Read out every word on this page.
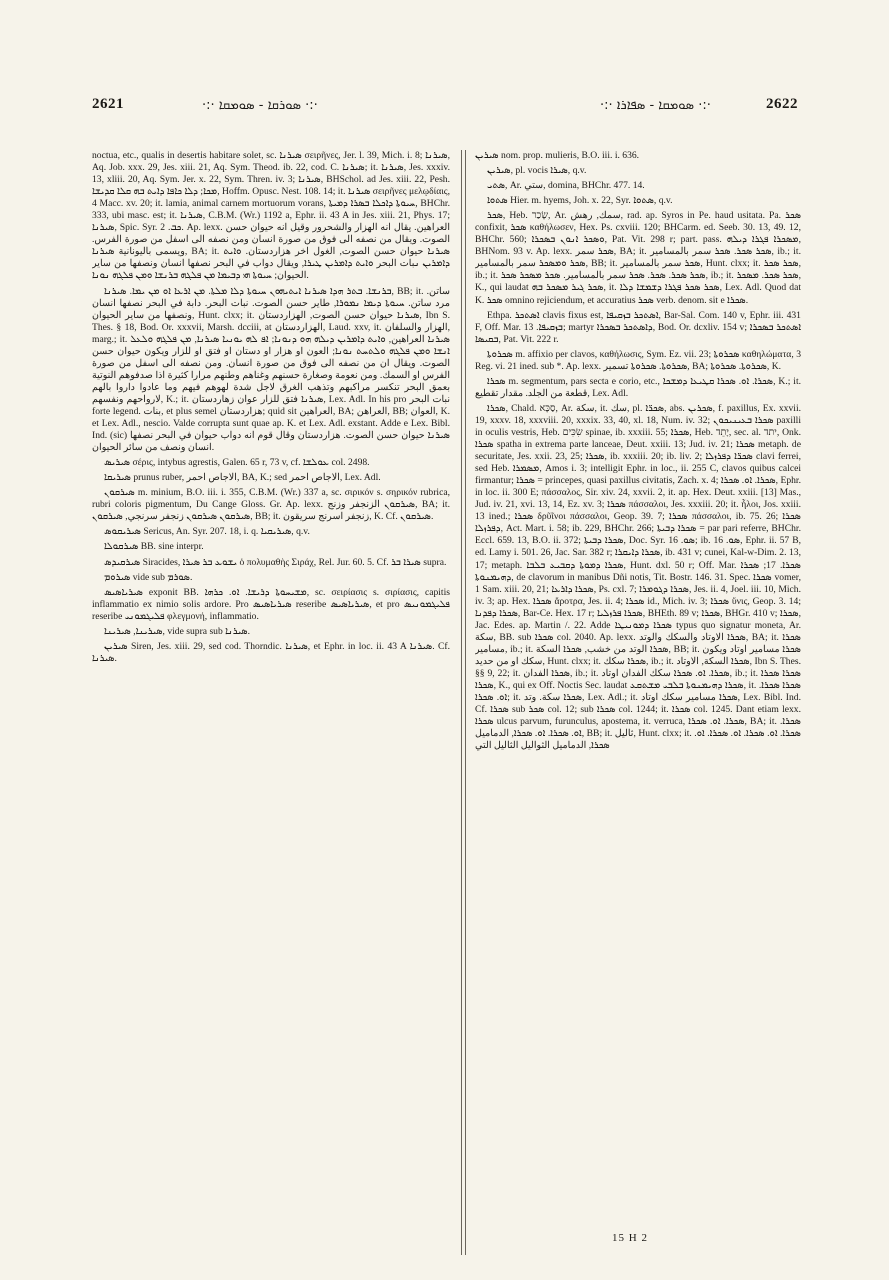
2621	·:· ܣܘܪܩܐ - ܣܘܡܩܐ ·:·	·:· ܣܘܡܩܐ - ܣܦܐܪܐ ·:·	2622

noctua, etc., qualis in desertis habitare solet, sc. ܣܝܪܢܐ σειρῆνες, Jer. l. 39, Mich. i. 8; ܣܝܪܢܐ, Aq. Job. xxx. 29, Jes. xiii. 21, Aq. Sym. Theod. ib. 22, cod. C. ܣܝܪܢܐ; it. ܣܝܪܢܐ, Jes. xxxiv. 13, xliii. 20, Aq. Sym. Jer. x. 22, Sym. Thren. iv. 3; ܣܝܪܢܐ, BHSchol. ad Jes. xiii. 22, Pesh. ܡܟܐ; ܕܠܐ ܟܐܦܐ ܕܐܝܬ ܒܗ ܩܠܐ ܩܕܝܫܐ, Hoffm. Opusc. Nest. 108. 14; it. ܣܝܪܢܐ σειρῆνες μελῳδίαις, 4 Macc. xv. 20; it. lamia, animal carnem mortuorum vorans, ܚܝܘܬܐ ܕܐܟܠܐ ܒܣܪܐ ܕܡܝܬܐ, BHChr. 333, ubi masc. est; it. ܣܝܪܢܐ, C.B.M. (Wr.) 1192 a, Ephr. ii. 43 A in Jes. xiii. 21, Phys. 17; ܣܝܪܢܐ, Spic. Syr. ܟܒ. 2. Ap. lexx. العراهين. يقال انه الهزار والشحرور وقيل انه حيوان حسن الصوت. ويقال من نصفه الى فوق من صورة انسان ومن نصفه الى اسفل من صورة الفرس. ويسمى باليونانية ܣܝܪܢܐ, BA; it. ܣܝܪܢܐ حيوان حسن الصوت, الغول اخر هزاردستان. ܘܐܝܬ ܕܐܡܪܝܢ ܢبات البحر ܘܐܝܬ ܕܐܡܪܝܢ ܛܝܪܐ, ويقال دواب في البحر نصفها انسان ونصفها من ساير الحيوان; ܚܝܘܬܐ ܗܝ ܕܒܝܡܐ ܡܢ ܦܠܓܗ ܒܪܢܫܐ ܘܡܢ ܦܠܓܗ ܢܘܢܐ.

ܒܪܢܫܐ. ܒܬܪ ܗܕܐ ܣܝܪܢܐ ܐܝܬܝܗܘܢ ܚܝܘܬܐ ܕܠܐ ܡܠܬܐ. ܡܢ ܐܪܥܐ ܐܘ ܡܢ ܝܡܐ. ܣܝܪܢܐ, BB; it. ساتن. مرد ساتن. ܚܝܘܬܐ ܕܝܡܐ ܢܡܘܪܐ, طاير حسن الصوت. نبات البحر. دابة في البحر نصفها انسان ونصفها من ساير الحيوان, Hunt. clxx; it. ܣܝܪܢܐ حيوان حسن الصوت, الهزاردستان, Ibn S. Thes. § 18, Bod. Or. xxxvii, Marsh. dcciii, at الهزاردستان, Laud. xxv, it. الهزار والسلفان, marg.; it. ܣܝܪܢܐ العراهين, ܘܐܝܬ ܕܐܡܪܝܢ ܕܝܠܗ ܗܘ ܕܢܘܢܐ; ܐܦ ܠܗ ܝܘܢܝܐ ܣܝܪܢܐ, ܡܢ ܦܠܓܗ ܘܠܥܠ ܐܢܫܐ ܘܡܢ ܦܠܓܗ ܘܠܬܚܬ ܢܘܢܐ; العون او هزار او دستان او فتق او للزار ويكون حيوان حسن الصوت. ويقال ان من نصفه الى فوق من صورة انسان. ومن نصفه الى اسفل من صورة الفرس او السمك. ومن نعومة وصغارة حسنهم وغناهم وطنهم مرارا كثيرة اذا صدفوهم النوتية بعمق البحر تنكسر مراكبهم وتذهب الغرق لاجل شدة لهوهم فيهم وما عادوا داروا بالهم لارواحهم ونفسهم, K.; it. ܣܝܪܢܐ فتق للزار عوان زهاردستان, Lex. Adl. In his pro نبات البحر forte legend. بنات, et plus semel هزاردستان; quid sit العراهين, BA; العراهن, BB; العوان, K. et Lex. Adl., nescio. Valde corrupta sunt quae ap. K. et Lex. Adl. exstant. Adde e Lex. Bibl. Ind. (sic) ܣܝܪܢܐ حيوان حسن الصوت. هزاردستان وقال قوم انه دواب حيوان في البحر نصفها انسان ونصف من سائر الحيوان.

ܣܝܪܝܣ σέρις, intybus agrestis, Galen. 65 r, 73 v, cf. ܥܘܠܫܐ col. 2498.

ܣܝܪܝܩܐ prunus ruber, الاجاص احمر, BA, K.; sed الاجاص احمر, Lex. Adl.

ܣܝܪܩܘܢ m. minium, B.O. iii. i. 355, C.B.M. (Wr.) 337 a, sc. σιρικόν s. σηρικόν rubrica, rubri coloris pigmentum, Du Cange Gloss. Gr. Ap. lexx. ܣܝܪܩܘܢ الزنجفر وزنج, BA; it. ܣܝܪܩܘܢ ܣܝܪܩܘܢ زنجفر سرنجي, ܣܝܪܩܘܢ, BB; it. زنجفر اسرنج سريقون, K. Cf. ܣܝܪܩܘܢ.

ܣܝܪܝܩܘܣ Sericus, An. Syr. 207. 18, i. q. ܣܝܪܝܩܝܐ, q.v.

ܣܝܪܩܘܠܐ BB. sine interpr.

ܣܝܪܩܝܕܣ Siracides, ܝܫܘܥ ܒܪ ܣܝܪܐ ὁ πολυμαθὴς Σιράχ, Rel. Jur. 60. 5. Cf. ܣܝܪܐ ܒܪ supra.

ܣܝܪܘܡ vide sub ܣܘܪܡ.

ܣܝܪܝܐܣܝܣ exponit BB. ܡܫܝܚܘܬܐ ܕܪܝܫܐ. ܐܘ. ܟܪܗܐ, sc. σειρίασις s. σιρίασις, capitis inflammatio ex nimio solis ardore. Pro ܣܝܪܝܐܣܝܣ reseribe ܣܝܪܝܐܣܝܣ, et pro ܦܠܝܓܡܘܢܝܣ reseribe ܦܠܝܓܡܘܢܝ φλεγμονή, inflammatio.

ܣܝܪܝܢܐ, ܣܝܪܝܢܐ, vide supra sub ܣܝܪܢܐ.

ܣܝܪܝܢ Siren, Jes. xiii. 29, sed cod. Thorndic. ܣܝܪܢܐ, et Ephr. in loc. ii. 43 A ܣܝܪܢܐ. Cf. ܣܝܪܢܐ.

ܣܝܪܝܢ nom. prop. mulieris, B.O. iii. i. 636.

ܣܝܪܝܢ, pl. vocis ܣܝܪܐ, q.v.

ܣܬܝ, Ar. ستي, domina, BHChr. 477. 14.

ܣܬܘܐ Hier. m. hyems, Joh. x. 22, Syr. ܣܬܘܐ, q.v.

ܣܟܪ, Heb. שָׂכַר, Ar. سمك, رهش, rad. ap. Syros in Pe. haud usitata. Pa. ܣܟܪ confixit, ܣܟܪ καθήλωσεν, Hex. Ps. cxviii. 120; BHCarm. ed. Seeb. 30. 13, 49. 12, BHChr. 560; ܘܣܟܪ ܐܢܘܢ ܒܣܟܪܐ, Pat. Vit. 298 r; part. pass. ܡܣܟܪܐ ܦܓܪܐ ܕܝܠܗ, BHNom. 93 v. Ap. lexx. ܣܟܪ سمر, BA; it. ܣܟܪ ܣܟܪ. ܣܟܪ سمر بالمسامير, ib.; it. ܣܟܪ ܘܡܣܟܪ سمر بالمسامير, BB; it. ܣܟܪ سمر بالمسامير, Hunt. clxx; it. ܣܟܪ ܣܟܪ, ib.; it. ܣܟܪ ܣܟܪ. ܣܟܪ. ܣܟܪ سمر بالمسامير. ܣܟܪ ܡܣܟܪ ܣܟܪ, ib.; it. ܣܟܪ ܣܟܪ. ܡܣܟܪ, K., qui laudat ܣܟܪ ܓܝܪ ܡܣܟܪ ܒܗ, it. ܣܟܪ ܣܟܪ ܦܓܪܐ ܕܫܡܫܐ ܕܠܐ, Lex. Adl. Quod dat K. ܣܟܪ omnino rejiciendum, et accuratius ܣܟܪ verb. denom. sit e ܣܟܪܐ.

Ethpa. ܐܣܬܟܪ clavis fixus est, ܐܣܬܟܪ ܒܙܩܝܦܐ, Bar-Sal. Com. 140 v, Ephr. iii. 431 F, Off. Mar. ܒܙܩܝܦܐ. 13; martyr ܕܐܣܬܟܪ ܒܣܟܪܐ, Bod. Or. dcxliv. 154 v; ܐܣܬܟܪ ܒܣܟܪܐ ܒܩܝܣܐ, Pat. Vit. 222 r.

ܣܟܪܘܬܐ m. affixio per clavos, καθήλωσις, Sym. Ez. vii. 23; ܣܟܪܘܬܐ καθηλώματα, 3 Reg. vi. 21 ined. sub *. Ap. lexx. ܣܟܪܘܬܐ. ܣܟܪܘܬܐ تسمير, BA; ܣܟܪܘܬܐ. ܣܟܪܘܬܐ, K.

ܣܟܪܐ m. segmentum, pars secta e corio, etc., ܣܟܪܐ. ܐܘ. ܣܟܪܐ ܩܛܝܥܐ ܕܡܫܟܐ, K.; it. قطعة من الجلد. مقدار تقطيع, Lex. Adl.

ܣܟܪܐ, Chald. סַכָּא, Ar. سكة, it. سك, pl. ܣܟܪ̈ܐ, abs. ܣܟܪܝܢ, f. paxillus, Ex. xxvii. 19, xxxv. 18, xxxviii. 20, xxxix. 33, 40, xl. 18, Num. iv. 32; ܣܟܪܐ ܒܥܝܢܝܟܘܢ paxilli in oculis vestris, Heb. שִׂכִּים spinae, ib. xxxiii. 55; ܣܟܪܐ, Heb. יָתֵד, sec. al. יתד, Onk. ܣܟܪܐ spatha in extrema parte lanceae, Deut. xxiii. 13; Jud. iv. 21; ܣܟܪܐ metaph. de securitate, Jes. xxii. 23, 25; ܣܟܪܐ, ib. xxxiii. 20; ib. liv. 2; ܣܟܪ̈ܐ ܕܦܪܙܠܐ clavi ferrei, sed Heb. ܡܣܡܪܐ, Amos i. 3; intelligit Ephr. in loc., ii. 255 C, clavos quibus calcei firmantur; ܣܟܪܐ = princepes, quasi paxillus civitatis, Zach. x. 4; ܣܟܪܐ. ܐܘ. ܣܟܪܐ, Ephr. in loc. ii. 300 E; πάσσαλος, Sir. xiv. 24, xxvii. 2, it. ap. Hex. Deut. xxiii. [13] Mas., Jud. iv. 21, xvi. 13, 14, Ez. xv. 3; ܣܟܪܐ πάσσαλοι, Jes. xxxiii. 20; it. ἧλοι, Jos. xxiii. 13 ined.; ܣܟܪܐ δρῦῖνοι πάσσαλοι, Geop. 39. 7; ܣܟܪܐ πάσσαλοι, ib. 75. 26; ܣܟܪܐ ܕܦܪܙܠܐ, Act. Mart. i. 58; ib. 229, BHChr. 266; ܣܟܪܐ ܕܒܝܬܐ = par pari referre, BHChr. Eccl. 659. 13, B.O. ii. 372; ܣܟܪܐ ܕܒܝܬܐ, Doc. Syr. ܣܘ. 16; ib. ܣܘ. 16, Ephr. ii. 57 B, ed. Lamy i. 501. 26, Jac. Sar. 382 r; ܣܟܪܐ ܕܐܝܩܪܐ, ib. 431 v; cunei, Kal-w-Dim. 2. 13, 17; metaph. ܣܟܪܐ ܕܡܘܬܐ ܕܩܒܝܥ ܒܠܒܐ, Hunt. dxl. 50 r; Off. Mar. ܣܟܪܐ. 17; ܣܟܪܐ ܕܗܝܡܢܘܬܐ, de clavorum in manibus Dñi notis, Tit. Bostr. 146. 31. Spec. ܣܟܪܐ vomer, 1 Sam. xiii. 20, 21; ܣܟܪܐ ܕܐܪܥܐ, Ps. cxl. 7; ܣܟܪܐ ܕܓܘܡܪܐ, Jes. ii. 4, Joel. iii. 10, Mich. iv. 3; ap. Hex. ܣܟܪܐ ἄροτρα, Jes. ii. 4; ܣܟܪܐ id., Mich. iv. 3; ܣܟܪܐ ὕνις, Geop. 3. 14; ܣܟܪܐ ܕܦܕܢܐ, Bar-Ce. Hex. 17 r; ܣܟܪܐ ܦܪܙܠܝܐ, BHEth. 89 v; ܣܟܪܐ, BHGr. 410 v; ܣܟܪܐ, Jac. Edes. ap. Martin /. 22. Adde ܣܟܪܐ ܕܡܘܢܝܛܐ typus quo signatur moneta, Ar. سكة, BB. sub ܣܟܪܐ col. 2040. Ap. lexx. ܣܟܪܐ الاوتاد والسكك والوتد, BA; it. ܣܟܪܐ مسامير, ib.; it. ܣܟܪܐ الوتد من خشب, ܣܟܪܐ السكة, BB; it. ܣܟܪܐ مسامير اوتاد ويكون سكك او من حديد, Hunt. clxx; it. ܣܟܪܐ سكك, ib.; it. ܣܟܪܐ السكة, الاوتاد, Ibn S. Thes. §§ 9, 22; it. ܣܟܪܐ الفدان, ib.; it. ܣܟܪܐ. ܐܘ. ܣܟܪܐ سكك الفدان اوتاد, ib.; it. ܣܟܪܐ ܣܟܪܐ ܣܟܪܐ, K., qui ex Off. Noctis Sec. laudat ܣܟܪܐ ܕܗܝܡܢܘܬܐ ܒܠܒܝ ܡܫܬܩܥ, it. ܣܟܪܐ ܣܟܪܐ. ܐܘ. ܣܟܪܐ; it. ܣܟܪܐ سكة. وتد, Lex. Adl.; it. ܣܟܪܐ مسامير سكك اوتاد, Lex. Bibl. Ind. Cf. ܣܟܪܐ sub ܣܟܪ col. 12; sub ܣܟܪܐ col. 1244; it. ܣܟܪܐ col. 1245. Dant etiam lexx. ܣܟܪܐ ulcus parvum, furunculus, apostema, it. verruca, ܣܟܪܐ. ܐܘ. ܣܟܪܐ, BA; it. ܣܟܪܐ. ܐܘ. ܣܟܪܐ. ܐܘ. ܣܟܪܐ, الدماميل, BB; it. ثاليل, Hunt. clxx; it. ܣܟܪܐ. ܐܘ. ܣܟܪܐ. ܐܘ. ܣܟܪܐ. ܐܘ. ܣܟܪܐ, الدماميل الثواليل الثاليل التي

15 H 2
